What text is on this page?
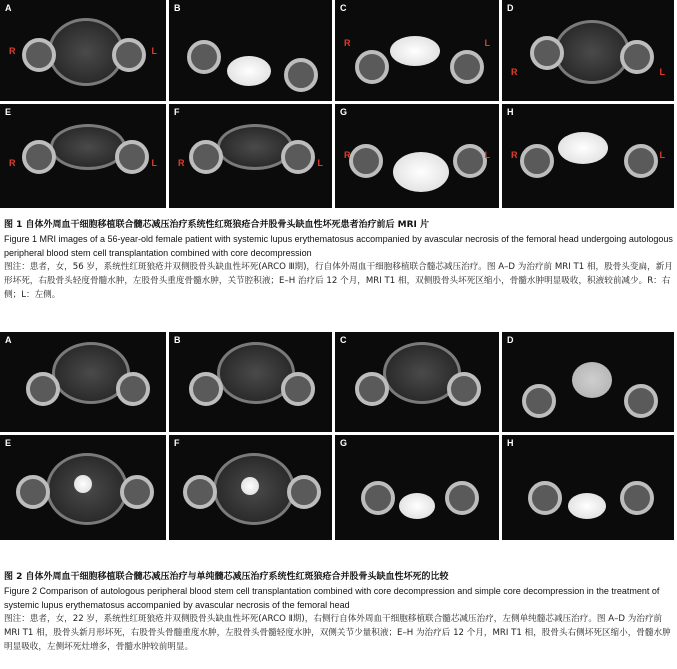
A
R	L
B	C
R	L
D
R	L
E
R	L
F
R	L
G
R	L
H
R	L
图 1 自体外周血干细胞移植联合髓芯减压治疗系统性红斑狼疮合并股骨头缺血性坏死患者治疗前后 MRI 片
Figure 1 MRI images of a 56-year-old female patient with systemic lupus erythematosus accompanied by avascular necrosis of the femoral head undergoing autologous peripheral blood stem cell transplantation combined with core decompression
图注：患者，女，56 岁，系统性红斑狼疮并双侧股骨头缺血性坏死(ARCO Ⅲ期)，行自体外周血干细胞移植联合髓芯减压治疗。图 A–D 为治疗前 MRI T1 相，股骨头变扁，新月形坏死，右股骨头轻度骨髓水肿，左股骨头重度骨髓水肿，关节腔积液；E–H 治疗后 12 个月，MRI T1 相，双侧股骨头坏死区缩小，骨髓水肿明显吸收，积液较前减少。R：右侧；L：左侧。
A	B	C	D
E	F	G	H
图 2 自体外周血干细胞移植联合髓芯减压治疗与单纯髓芯减压治疗系统性红斑狼疮合并股骨头缺血性坏死的比较
Figure 2 Comparison of autologous peripheral blood stem cell transplantation combined with core decompression and simple core decompression in the treatment of systemic lupus erythematosus accompanied by avascular necrosis of the femoral head
图注：患者，女，22 岁，系统性红斑狼疮并双侧股骨头缺血性坏死(ARCO Ⅱ期)，右侧行自体外周血干细胞移植联合髓芯减压治疗，左侧单纯髓芯减压治疗。图 A–D 为治疗前 MRI T1 相，股骨头新月形坏死，右股骨头骨髓重度水肿，左股骨头骨髓轻度水肿，双侧关节少量积液；E–H 为治疗后 12 个月，MRI T1 相，股骨头右侧坏死区缩小，骨髓水肿明显吸收，左侧坏死灶增多，骨髓水肿较前明显。
